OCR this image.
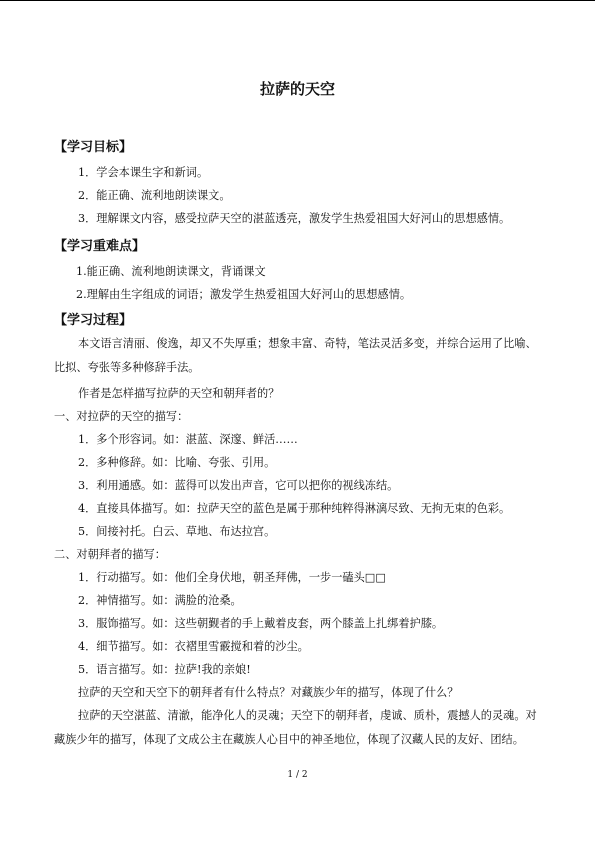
拉萨的天空
【学习目标】
1．学会本课生字和新词。
2．能正确、流利地朗读课文。
3．理解课文内容，感受拉萨天空的湛蓝透亮，激发学生热爱祖国大好河山的思想感情。
【学习重难点】
1.能正确、流利地朗读课文，背诵课文
2.理解由生字组成的词语；激发学生热爱祖国大好河山的思想感情。
【学习过程】
本文语言清丽、俊逸，却又不失厚重；想象丰富、奇特，笔法灵活多变，并综合运用了比喻、比拟、夸张等多种修辞手法。
作者是怎样描写拉萨的天空和朝拜者的？
一、对拉萨的天空的描写：
1．多个形容词。如：湛蓝、深邃、鲜活……
2．多种修辞。如：比喻、夸张、引用。
3．利用通感。如：蓝得可以发出声音，它可以把你的视线冻结。
4．直接具体描写。如：拉萨天空的蓝色是属于那种纯粹得淋漓尽致、无拘无束的色彩。
5．间接衬托。白云、草地、布达拉宫。
二、对朝拜者的描写：
1．行动描写。如：他们全身伏地，朝圣拜佛，一步一磕头□□
2．神情描写。如：满脸的沧桑。
3．服饰描写。如：这些朝觐者的手上戴着皮套，两个膝盖上扎绑着护膝。
4．细节描写。如：衣褶里雪霰搅和着的沙尘。
5．语言描写。如：拉萨!我的亲娘!
拉萨的天空和天空下的朝拜者有什么特点？对藏族少年的描写，体现了什么？
拉萨的天空湛蓝、清澈，能净化人的灵魂；天空下的朝拜者，虔诚、质朴，震撼人的灵魂。对藏族少年的描写，体现了文成公主在藏族人心目中的神圣地位，体现了汉藏人民的友好、团结。
1 / 2
